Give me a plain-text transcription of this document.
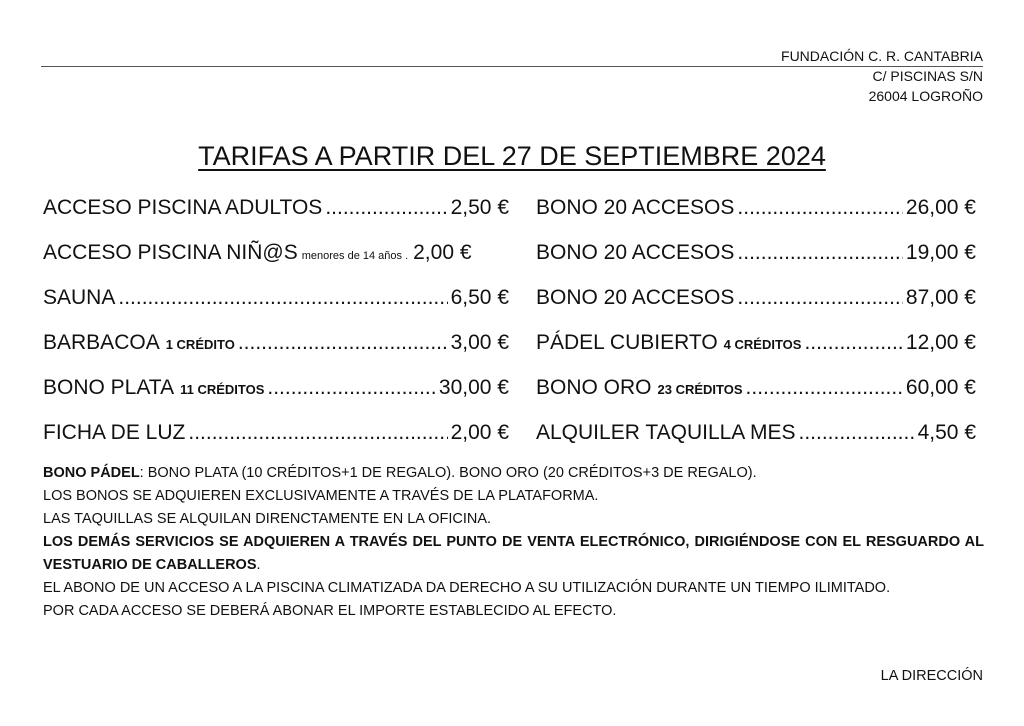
FUNDACIÓN C. R. CANTABRIA
C/ PISCINAS S/N
26004 LOGROÑO
TARIFAS A PARTIR DEL 27 DE SEPTIEMBRE 2024
ACCESO PISCINA ADULTOS .....	2,50 €
ACCESO PISCINA NIÑ@S menores de 14 años . 2,00 €
SAUNA .....	6,50 €
BARBACOA 1 CRÉDITO .....	3,00 €
BONO PLATA 11 CRÉDITOS .....	30,00 €
FICHA DE LUZ .....	2,00 €
BONO 20 ACCESOS .....	26,00 €
BONO 20 ACCESOS .....	19,00 €
BONO 20 ACCESOS .....	87,00 €
PÁDEL CUBIERTO 4 CRÉDITOS .....	12,00 €
BONO ORO 23 CRÉDITOS .....	60,00 €
ALQUILER TAQUILLA MES .....	4,50 €

BONO PÁDEL: BONO PLATA (10 CRÉDITOS+1 DE REGALO). BONO ORO (20 CRÉDITOS+3 DE REGALO).

LOS BONOS SE ADQUIEREN EXCLUSIVAMENTE A TRAVÉS DE LA PLATAFORMA.

LAS TAQUILLAS SE ALQUILAN DIRENCTAMENTE EN LA OFICINA.

LOS DEMÁS SERVICIOS SE ADQUIEREN A TRAVÉS DEL PUNTO DE VENTA ELECTRÓNICO, DIRIGIÉNDOSE CON EL RESGUARDO AL VESTUARIO DE CABALLEROS.

EL ABONO DE UN ACCESO A LA PISCINA CLIMATIZADA DA DERECHO A SU UTILIZACIÓN DURANTE UN TIEMPO ILIMITADO.

POR CADA ACCESO SE DEBERÁ ABONAR EL IMPORTE ESTABLECIDO AL EFECTO.

LA DIRECCIÓN
